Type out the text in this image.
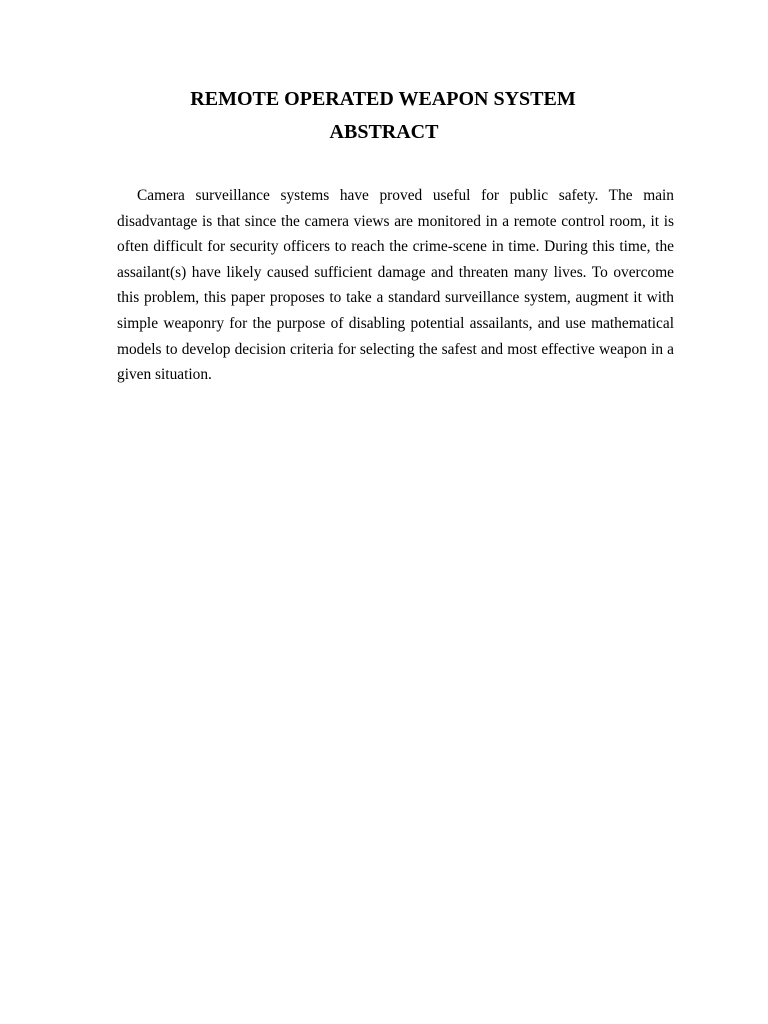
REMOTE OPERATED WEAPON SYSTEM
ABSTRACT

Camera surveillance systems have proved useful for public safety. The main disadvantage is that since the camera views are monitored in a remote control room, it is often difficult for security officers to reach the crime-scene in time. During this time, the assailant(s) have likely caused sufficient damage and threaten many lives. To overcome this problem, this paper proposes to take a standard surveillance system, augment it with simple weaponry for the purpose of disabling potential assailants, and use mathematical models to develop decision criteria for selecting the safest and most effective weapon in a given situation.
